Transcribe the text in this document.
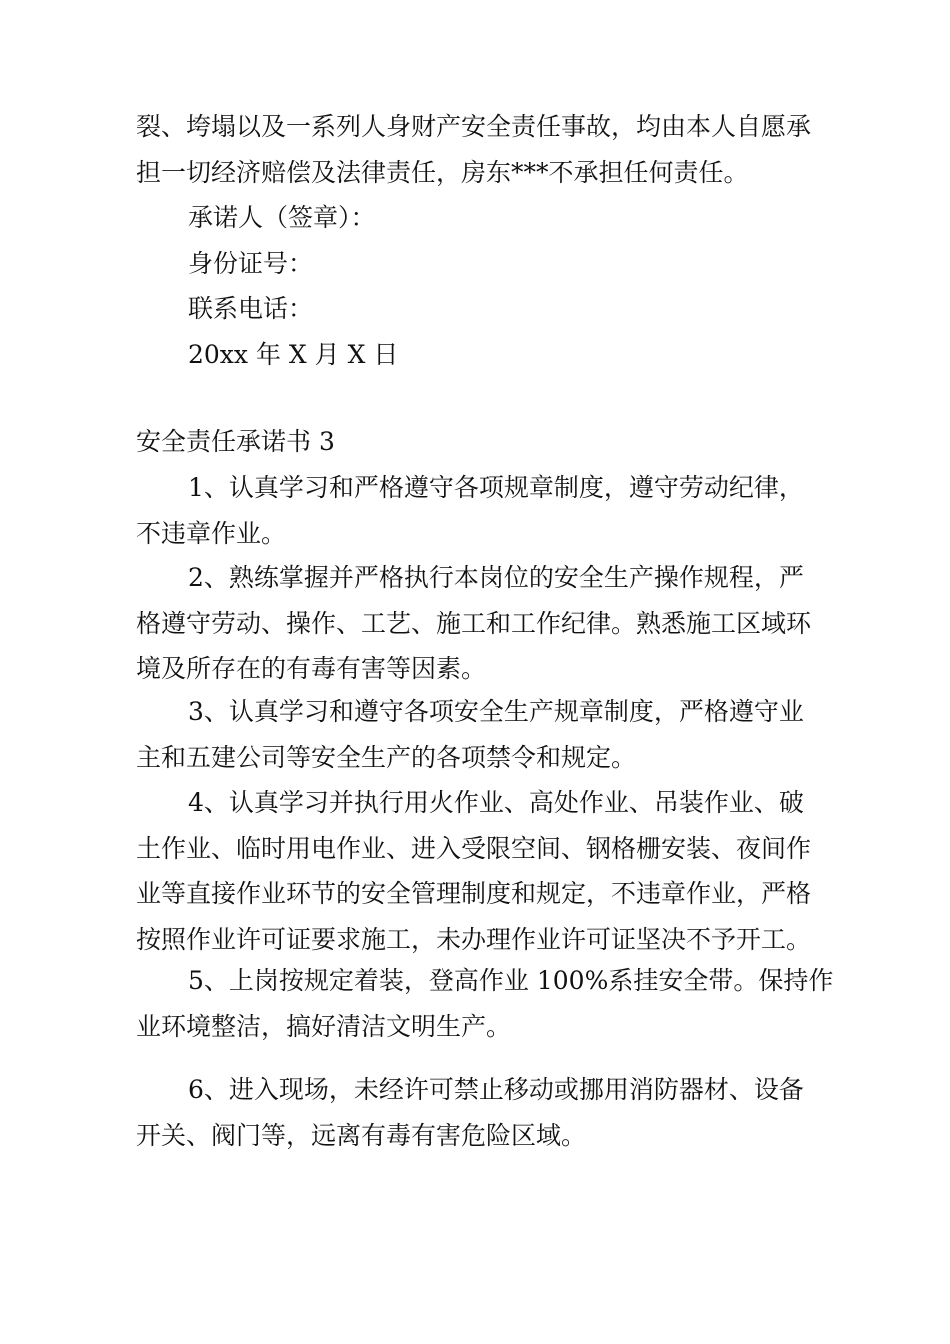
裂、垮塌以及一系列人身财产安全责任事故，均由本人自愿承
担一切经济赔偿及法律责任，房东***不承担任何责任。
承诺人（签章）：
身份证号：
联系电话：
20xx 年 X 月 X 日
安全责任承诺书 3
1、认真学习和严格遵守各项规章制度，遵守劳动纪律，
不违章作业。
2、熟练掌握并严格执行本岗位的安全生产操作规程，严
格遵守劳动、操作、工艺、施工和工作纪律。熟悉施工区域环
境及所存在的有毒有害等因素。
3、认真学习和遵守各项安全生产规章制度，严格遵守业
主和五建公司等安全生产的各项禁令和规定。
4、认真学习并执行用火作业、高处作业、吊装作业、破
土作业、临时用电作业、进入受限空间、钢格栅安装、夜间作
业等直接作业环节的安全管理制度和规定，不违章作业，严格
按照作业许可证要求施工，未办理作业许可证坚决不予开工。
5、上岗按规定着装，登高作业 100%系挂安全带。保持作
业环境整洁，搞好清洁文明生产。
6、进入现场，未经许可禁止移动或挪用消防器材、设备
开关、阀门等，远离有毒有害危险区域。
